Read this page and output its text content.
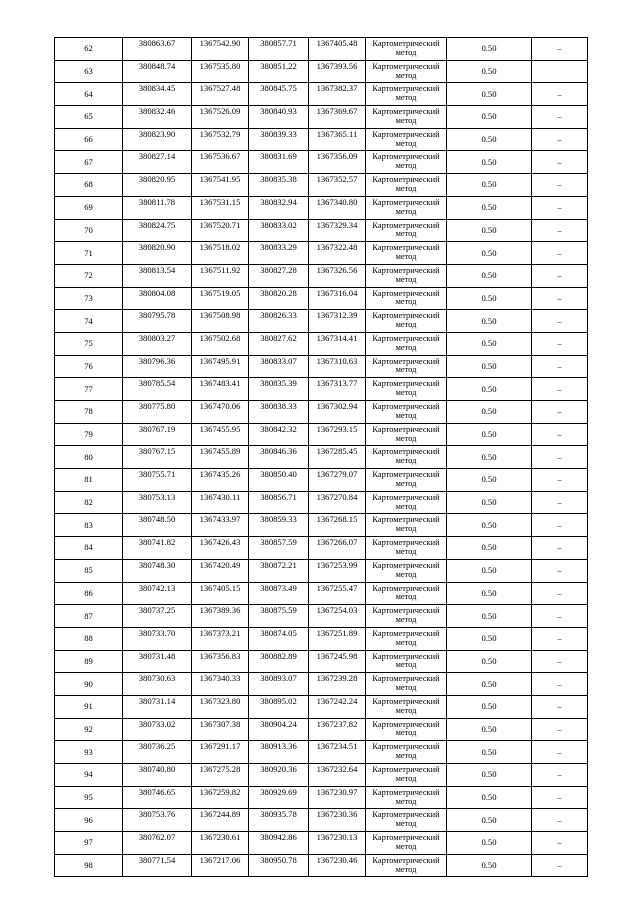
62	380863.67	1367542.90	380857.71	1367405.48	Картометрический метод	0.50	–
63	380848.74	1367535.80	380851.22	1367393.56	Картометрический метод	0.50	
64	380834.45	1367527.48	380845.75	1367382.37	Картометрический метод	0.50	–
65	380832.46	1367526.09	380840.93	1367369.67	Картометрический метод	0.50	–
66	380823.90	1367532.79	380839.33	1367365.11	Картометрический метод	0.50	–
67	380827.14	1367536.67	380831.69	1367356.09	Картометрический метод	0.50	–
68	380820.95	1367541.95	380835.38	1367352.57	Картометрический метод	0.50	–
69	380811.78	1367531.15	380832.94	1367340.80	Картометрический метод	0.50	–
70	380824.75	1367520.71	380833.02	1367329.34	Картометрический метод	0.50	–
71	380820.90	1367518.02	380833.29	1367322.48	Картометрический метод	0.50	–
72	380813.54	1367511.92	380827.28	1367326.56	Картометрический метод	0.50	–
73	380804.08	1367519.05	380820.28	1367316.04	Картометрический метод	0.50	–
74	380795.78	1367508.98	380826.33	1367312.39	Картометрический метод	0.50	–
75	380803.27	1367502.68	380827.62	1367314.41	Картометрический метод	0.50	–
76	380796.36	1367495.91	380833.07	1367310.63	Картометрический метод	0.50	–
77	380785.54	1367483.41	380835.39	1367313.77	Картометрический метод	0.50	–
78	380775.80	1367470.06	380838.33	1367302.94	Картометрический метод	0.50	–
79	380767.19	1367455.95	380842.32	1367293.15	Картометрический метод	0.50	–
80	380767.15	1367455.89	380846.36	1367285.45	Картометрический метод	0.50	–
81	380755.71	1367435.26	380850.40	1367279.07	Картометрический метод	0.50	–
82	380753.13	1367430.11	380856.71	1367270.84	Картометрический метод	0.50	–
83	380748.50	1367433.97	380859.33	1367268.15	Картометрический метод	0.50	–
84	380741.82	1367426.43	380857.59	1367266.07	Картометрический метод	0.50	–
85	380748.30	1367420.49	380872.21	1367253.99	Картометрический метод	0.50	–
86	380742.13	1367405.15	380873.49	1367255.47	Картометрический метод	0.50	–
87	380737.25	1367389.36	380875.59	1367254.03	Картометрический метод	0.50	–
88	380733.70	1367373.21	380874.05	1367251.89	Картометрический метод	0.50	–
89	380731.48	1367356.83	380882.89	1367245.98	Картометрический метод	0.50	–
90	380730.63	1367340.33	380893.07	1367239.28	Картометрический метод	0.50	–
91	380731.14	1367323.80	380895.02	1367242.24	Картометрический метод	0.50	–
92	380733.02	1367307.38	380904.24	1367237.82	Картометрический метод	0.50	–
93	380736.25	1367291.17	380913.36	1367234.51	Картометрический метод	0.50	–
94	380740.80	1367275.28	380920.36	1367232.64	Картометрический метод	0.50	–
95	380746.65	1367259.82	380929.69	1367230.97	Картометрический метод	0.50	–
96	380753.76	1367244.89	380935.78	1367230.36	Картометрический метод	0.50	–
97	380762.07	1367230.61	380942.86	1367230.13	Картометрический метод	0.50	–
98	380771.54	1367217.06	380950.78	1367230.46	Картометрический метод	0.50	–
